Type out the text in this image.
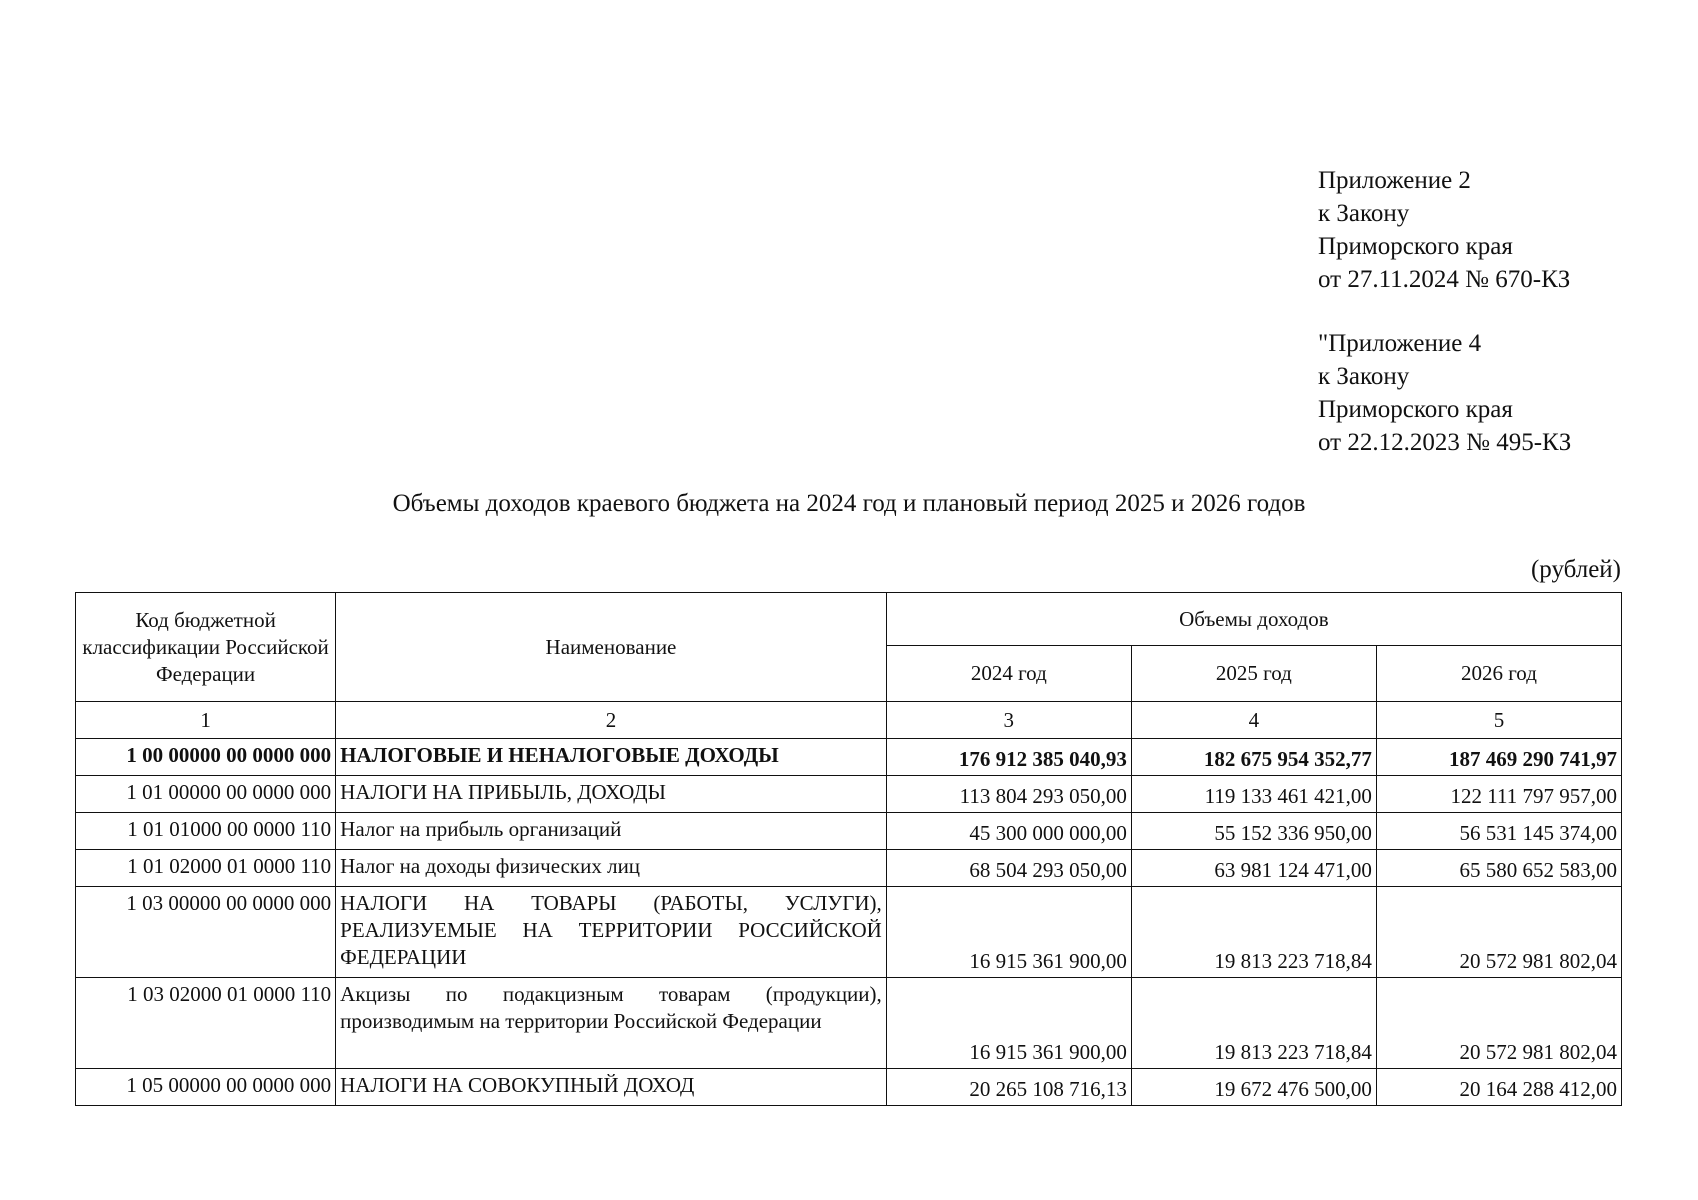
Приложение 2
к Закону
Приморского края
от 27.11.2024 № 670-КЗ
"Приложение 4
к Закону
Приморского края
от 22.12.2023 № 495-КЗ
Объемы доходов краевого бюджета на 2024 год и плановый период 2025 и 2026 годов
(рублей)
Код бюджетной классификации Российской Федерации	Наименование	Объемы доходов		
		2024 год	2025 год	2026 год
1	2	3	4	5
1 00 00000 00 0000 000	НАЛОГОВЫЕ И НЕНАЛОГОВЫЕ ДОХОДЫ	176 912 385 040,93	182 675 954 352,77	187 469 290 741,97
1 01 00000 00 0000 000	НАЛОГИ НА ПРИБЫЛЬ, ДОХОДЫ	113 804 293 050,00	119 133 461 421,00	122 111 797 957,00
1 01 01000 00 0000 110	Налог на прибыль организаций	45 300 000 000,00	55 152 336 950,00	56 531 145 374,00
1 01 02000 01 0000 110	Налог на доходы физических лиц	68 504 293 050,00	63 981 124 471,00	65 580 652 583,00
1 03 00000 00 0000 000	НАЛОГИ НА ТОВАРЫ (РАБОТЫ, УСЛУГИ), РЕАЛИЗУЕМЫЕ НА ТЕРРИТОРИИ РОССИЙСКОЙ ФЕДЕРАЦИИ	16 915 361 900,00	19 813 223 718,84	20 572 981 802,04
1 03 02000 01 0000 110	Акцизы по подакцизным товарам (продукции), производимым на территории Российской Федерации	16 915 361 900,00	19 813 223 718,84	20 572 981 802,04
1 05 00000 00 0000 000	НАЛОГИ НА СОВОКУПНЫЙ ДОХОД	20 265 108 716,13	19 672 476 500,00	20 164 288 412,00
